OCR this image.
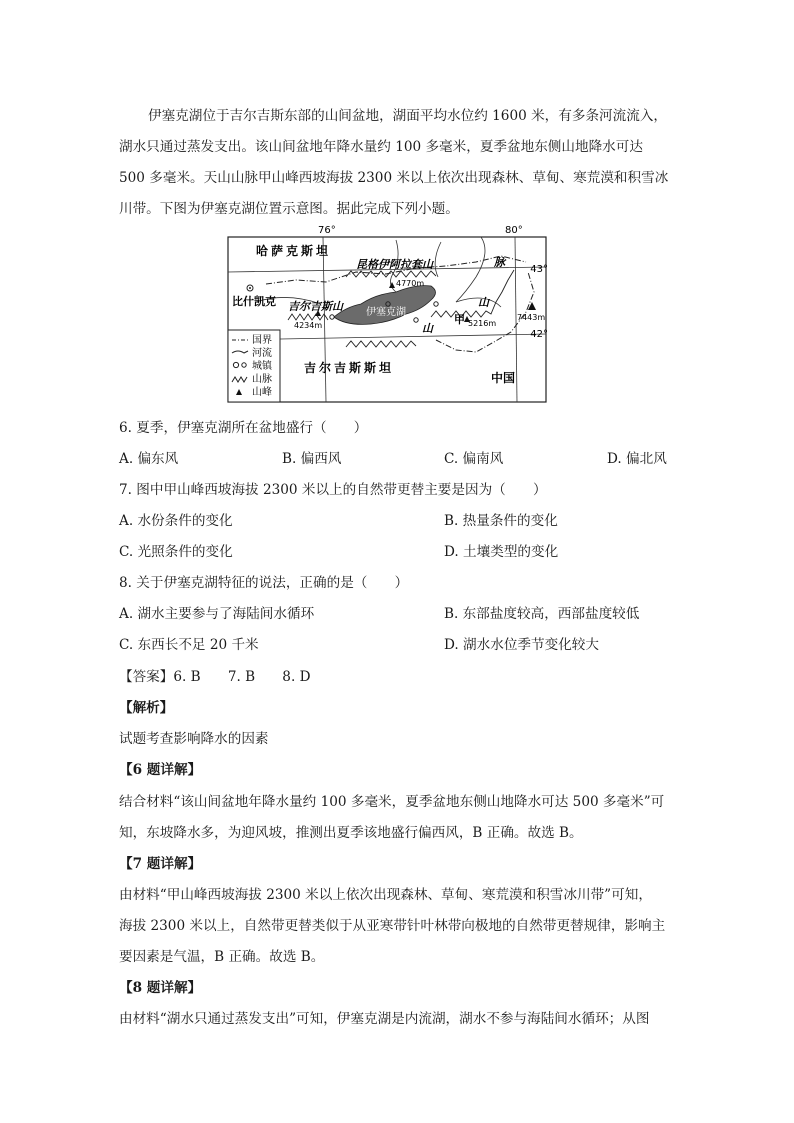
伊塞克湖位于吉尔吉斯东部的山间盆地，湖面平均水位约 1600 米，有多条河流流入，
湖水只通过蒸发支出。该山间盆地年降水量约 100 多毫米，夏季盆地东侧山地降水可达
500 多毫米。天山山脉甲山峰西坡海拔 2300 米以上依次出现森林、草甸、寒荒漠和积雪冰
川带。下图为伊塞克湖位置示意图。据此完成下列小题。
76°	80°
43°
42°
伊塞克湖
哈萨克斯坦
吉尔吉斯斯坦
中国
昆格伊阿拉套山	脉
吉尔吉斯山
山
山
甲
比什凯克
4770m
4234m	5216m
7443m
国界
河流
城镇
山脉
山峰
6. 夏季，伊塞克湖所在盆地盛行（　　）
A. 偏东风	B. 偏西风	C. 偏南风	D. 偏北风
7. 图中甲山峰西坡海拔 2300 米以上的自然带更替主要是因为（　　）
A. 水份条件的变化	B. 热量条件的变化
C. 光照条件的变化	D. 土壤类型的变化
8. 关于伊塞克湖特征的说法，正确的是（　　）
A. 湖水主要参与了海陆间水循环	B. 东部盐度较高，西部盐度较低
C. 东西长不足 20 千米	D. 湖水水位季节变化较大
【答案】6. B　　7. B　　8. D
【解析】
试题考查影响降水的因素
【6 题详解】
结合材料“该山间盆地年降水量约 100 多毫米，夏季盆地东侧山地降水可达 500 多毫米”可
知，东坡降水多，为迎风坡，推测出夏季该地盛行偏西风，B 正确。故选 B。
【7 题详解】
由材料“甲山峰西坡海拔 2300 米以上依次出现森林、草甸、寒荒漠和积雪冰川带”可知，
海拔 2300 米以上，自然带更替类似于从亚寒带针叶林带向极地的自然带更替规律，影响主
要因素是气温，B 正确。故选 B。
【8 题详解】
由材料“湖水只通过蒸发支出”可知，伊塞克湖是内流湖，湖水不参与海陆间水循环；从图
